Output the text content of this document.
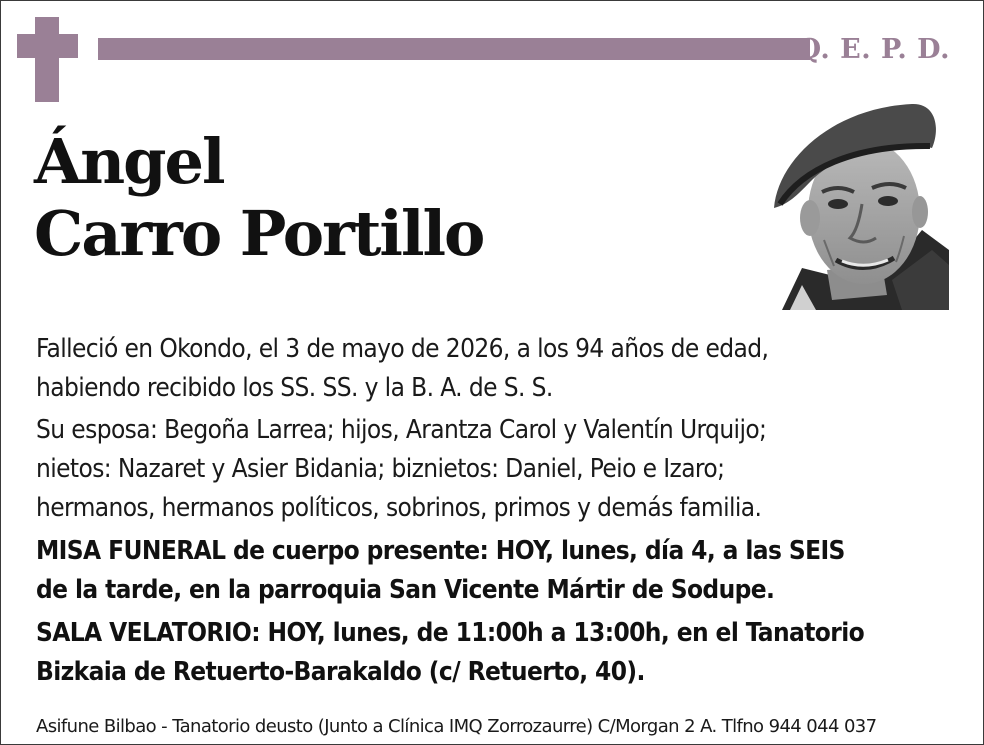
Q. E. P. D.
Ángel
Carro Portillo
Falleció en Okondo, el 3 de mayo de 2026, a los 94 años de edad,
habiendo recibido los SS. SS. y la B. A. de S. S.
Su esposa: Begoña Larrea; hijos, Arantza Carol y Valentín Urquijo;
nietos: Nazaret y Asier Bidania; biznietos: Daniel, Peio e Izaro;
hermanos, hermanos políticos, sobrinos, primos y demás familia.
MISA FUNERAL de cuerpo presente: HOY, lunes, día 4, a las SEIS
de la tarde, en la parroquia San Vicente Mártir de Sodupe.
SALA VELATORIO: HOY, lunes, de 11:00h a 13:00h, en el Tanatorio
Bizkaia de Retuerto-Barakaldo (c/ Retuerto, 40).
Asifune Bilbao - Tanatorio deusto (Junto a Clínica IMQ Zorrozaurre) C/Morgan 2 A. Tlfno 944 044 037
